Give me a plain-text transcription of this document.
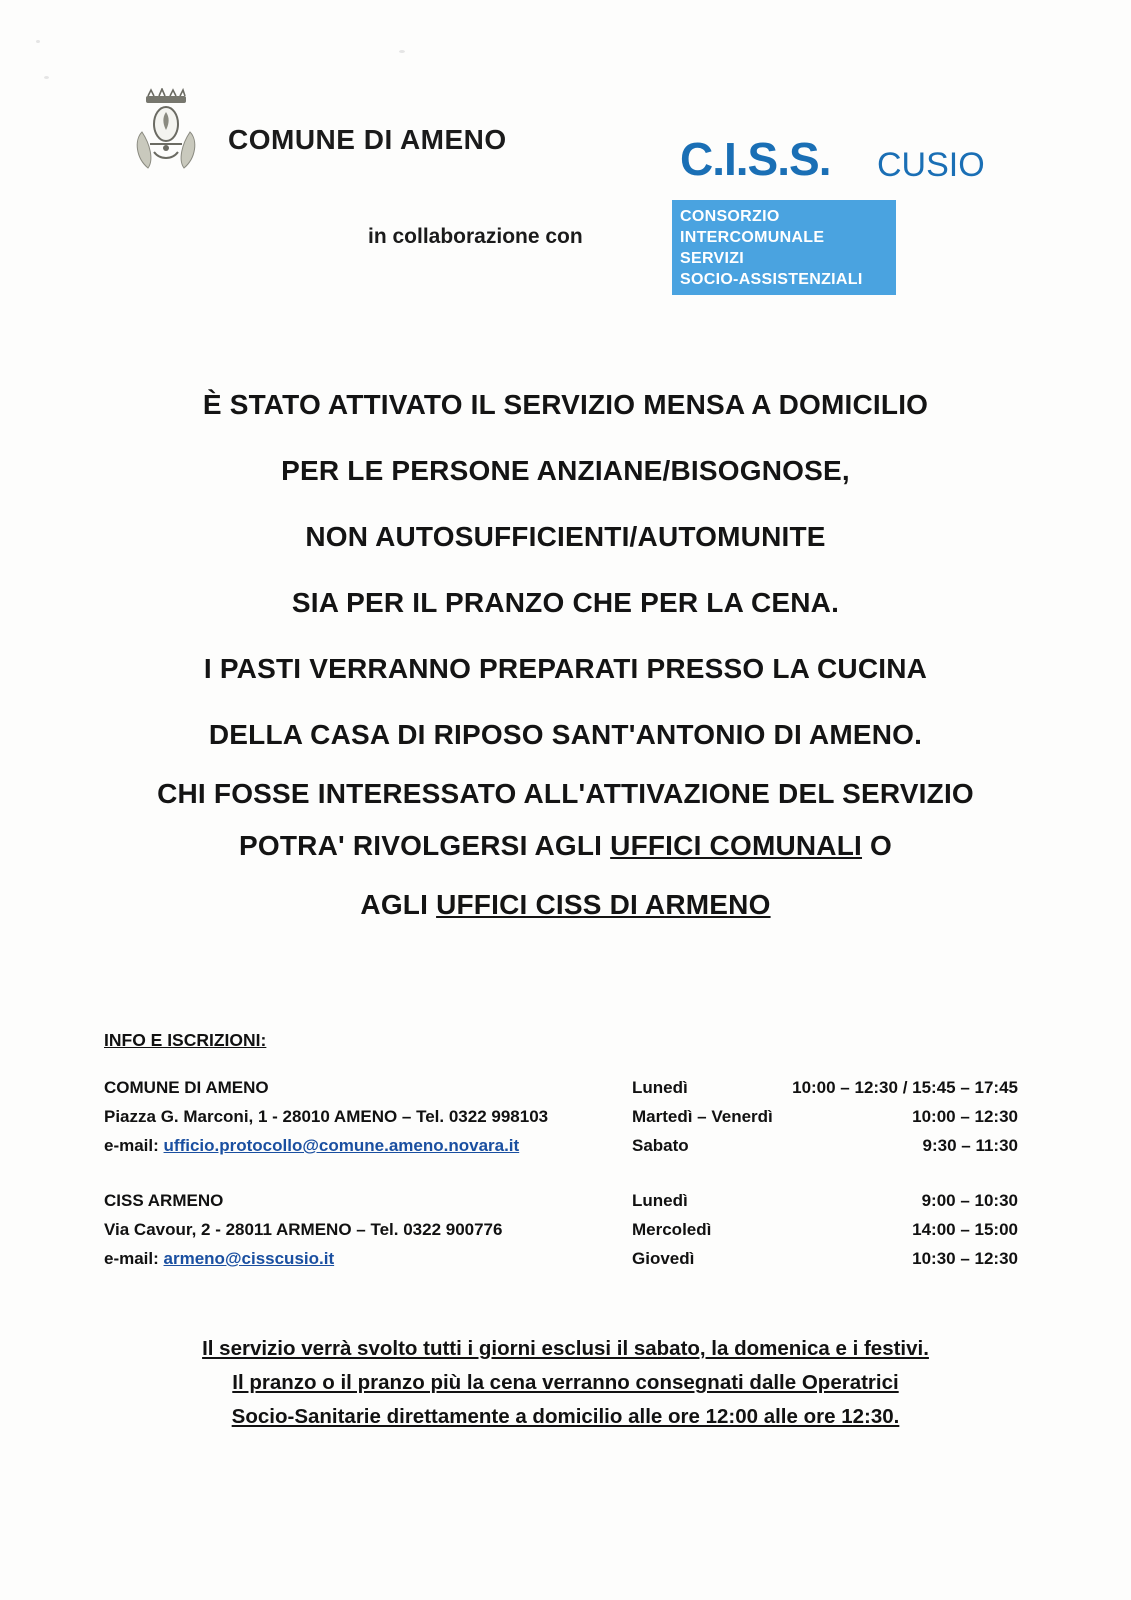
COMUNE DI AMENO
in collaborazione con
C.I.S.S. CUSIO
CONSORZIO
INTERCOMUNALE
SERVIZI
SOCIO-ASSISTENZIALI
È STATO ATTIVATO IL SERVIZIO MENSA A DOMICILIO
PER LE PERSONE ANZIANE/BISOGNOSE,
NON AUTOSUFFICIENTI/AUTOMUNITE
SIA PER IL PRANZO CHE PER LA CENA.
I PASTI VERRANNO PREPARATI PRESSO LA CUCINA
DELLA CASA DI RIPOSO SANT'ANTONIO DI AMENO.
CHI FOSSE INTERESSATO ALL'ATTIVAZIONE DEL SERVIZIO
POTRA' RIVOLGERSI AGLI UFFICI COMUNALI O
AGLI UFFICI CISS DI ARMENO
INFO E ISCRIZIONI:
COMUNE DI AMENO
Piazza G. Marconi, 1 - 28010 AMENO – Tel. 0322 998103
e-mail: ufficio.protocollo@comune.ameno.novara.it
Lunedì	10:00 – 12:30 / 15:45 – 17:45
Martedì – Venerdì	10:00 – 12:30
Sabato	9:30 – 11:30
CISS ARMENO
Via Cavour, 2 - 28011 ARMENO – Tel. 0322 900776
e-mail: armeno@cisscusio.it
Lunedì	9:00 – 10:30
Mercoledì	14:00 – 15:00
Giovedì	10:30 – 12:30
Il servizio verrà svolto tutti i giorni esclusi il sabato, la domenica e i festivi.
Il pranzo o il pranzo più la cena verranno consegnati dalle Operatrici
Socio-Sanitarie direttamente a domicilio alle ore 12:00 alle ore 12:30.
